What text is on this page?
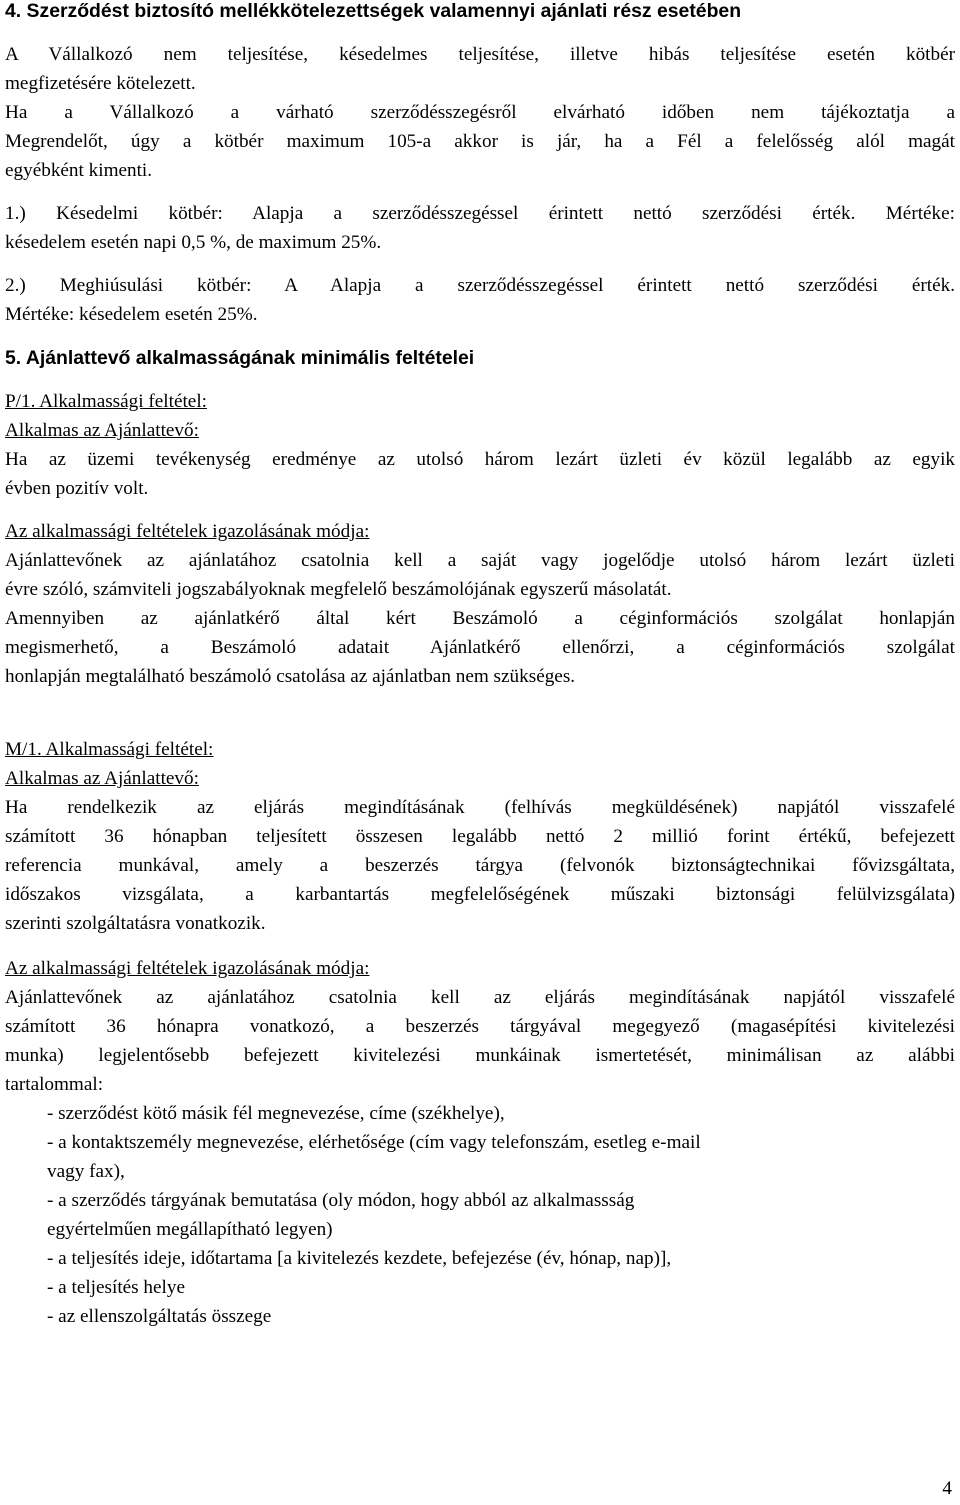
4. Szerződést biztosító mellékkötelezettségek valamennyi ajánlati rész esetében
A Vállalkozó nem teljesítése, késedelmes teljesítése, illetve hibás teljesítése esetén kötbér
megfizetésére kötelezett.
Ha a Vállalkozó a várható szerződésszegésről elvárható időben nem tájékoztatja a
Megrendelőt, úgy a kötbér maximum 105-a akkor is jár, ha a Fél a felelősség alól magát
egyébként kimenti.
1.) Késedelmi kötbér: Alapja a szerződésszegéssel érintett nettó szerződési érték. Mértéke:
késedelem esetén napi 0,5 %, de maximum 25%.
2.) Meghiúsulási kötbér: A Alapja a szerződésszegéssel érintett nettó szerződési érték.
Mértéke: késedelem esetén 25%.
5. Ajánlattevő alkalmasságának minimális feltételei
P/1. Alkalmassági feltétel:
Alkalmas az Ajánlattevő:
Ha az üzemi tevékenység eredménye az utolsó három lezárt üzleti év közül legalább az egyik
évben pozitív volt.
Az alkalmassági feltételek igazolásának módja:
Ajánlattevőnek az ajánlatához csatolnia kell a saját vagy jogelődje utolsó három lezárt üzleti
évre szóló, számviteli jogszabályoknak megfelelő beszámolójának egyszerű másolatát.
Amennyiben az ajánlatkérő által kért Beszámoló a céginformációs szolgálat honlapján
megismerhető, a Beszámoló adatait Ajánlatkérő ellenőrzi, a céginformációs szolgálat
honlapján megtalálható beszámoló csatolása az ajánlatban nem szükséges.
M/1. Alkalmassági feltétel:
Alkalmas az Ajánlattevő:
Ha rendelkezik az eljárás megindításának (felhívás megküldésének) napjától visszafelé
számított 36 hónapban teljesített összesen legalább nettó 2 millió forint értékű, befejezett
referencia munkával, amely a beszerzés tárgya (felvonók biztonságtechnikai fővizsgáltata,
időszakos vizsgálata, a karbantartás megfelelőségének műszaki biztonsági felülvizsgálata)
szerinti szolgáltatásra vonatkozik.
Az alkalmassági feltételek igazolásának módja:
Ajánlattevőnek az ajánlatához csatolnia kell az eljárás megindításának napjától visszafelé
számított 36 hónapra vonatkozó, a beszerzés tárgyával megegyező (magasépítési kivitelezési
munka) legjelentősebb befejezett kivitelezési munkáinak ismertetését, minimálisan az alábbi
tartalommal:
- szerződést kötő másik fél megnevezése, címe (székhelye),
- a kontaktszemély megnevezése, elérhetősége (cím vagy telefonszám, esetleg e-mail
vagy fax),
- a szerződés tárgyának bemutatása (oly módon, hogy abból az alkalmassság
egyértelműen megállapítható legyen)
- a teljesítés ideje, időtartama [a kivitelezés kezdete, befejezése (év, hónap, nap)],
- a teljesítés helye
- az ellenszolgáltatás összege
4
